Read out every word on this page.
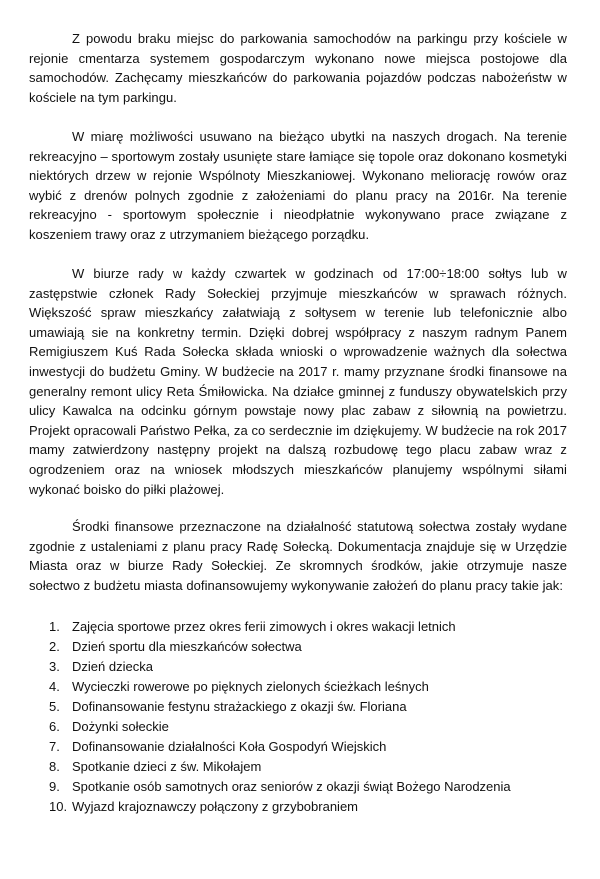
Z powodu braku miejsc do parkowania samochodów na parkingu przy kościele w rejonie cmentarza systemem gospodarczym wykonano nowe miejsca postojowe dla samochodów. Zachęcamy mieszkańców do parkowania pojazdów podczas nabożeństw w kościele na tym parkingu.

W miarę możliwości usuwano na bieżąco ubytki na naszych drogach. Na terenie rekreacyjno – sportowym zostały usunięte stare łamiące się topole oraz dokonano kosmetyki niektórych drzew w rejonie Wspólnoty Mieszkaniowej. Wykonano meliorację rowów oraz wybić z drenów polnych zgodnie z założeniami do planu pracy na 2016r. Na terenie rekreacyjno - sportowym społecznie i nieodpłatnie wykonywano prace związane z koszeniem trawy oraz z utrzymaniem bieżącego porządku.

W biurze rady w każdy czwartek w godzinach od 17:00÷18:00 sołtys lub w zastępstwie członek Rady Sołeckiej przyjmuje mieszkańców w sprawach różnych. Większość spraw mieszkańcy załatwiają z sołtysem w terenie lub telefonicznie albo umawiają sie na konkretny termin. Dzięki dobrej współpracy z naszym radnym Panem Remigiuszem Kuś Rada Sołecka składa wnioski o wprowadzenie ważnych dla sołectwa inwestycji do budżetu Gminy. W budżecie na 2017 r. mamy przyznane środki finansowe na generalny remont ulicy Reta Śmiłowicka. Na działce gminnej z funduszy obywatelskich przy ulicy Kawalca na odcinku górnym powstaje nowy plac zabaw z siłownią na powietrzu. Projekt opracowali Państwo Pełka, za co serdecznie im dziękujemy. W budżecie na rok 2017 mamy zatwierdzony następny projekt na dalszą rozbudowę tego placu zabaw wraz z ogrodzeniem oraz na wniosek młodszych mieszkańców planujemy wspólnymi siłami wykonać boisko do piłki plażowej.

Środki finansowe przeznaczone na działalność statutową sołectwa zostały wydane zgodnie z ustaleniami z planu pracy Radę Sołecką. Dokumentacja znajduje się w Urzędzie Miasta oraz w biurze Rady Sołeckiej. Ze skromnych środków, jakie otrzymuje nasze sołectwo z budżetu miasta dofinansowujemy wykonywanie założeń do planu pracy takie jak:

1. Zajęcia sportowe przez okres ferii zimowych i okres wakacji letnich
2. Dzień sportu dla mieszkańców sołectwa
3. Dzień dziecka
4. Wycieczki rowerowe po pięknych zielonych ścieżkach leśnych
5. Dofinansowanie festynu strażackiego z okazji św. Floriana
6. Dożynki sołeckie
7. Dofinansowanie działalności Koła Gospodyń Wiejskich
8. Spotkanie dzieci z św. Mikołajem
9. Spotkanie osób samotnych oraz seniorów z okazji świąt Bożego Narodzenia
10. Wyjazd krajoznawczy połączony z grzybobraniem
